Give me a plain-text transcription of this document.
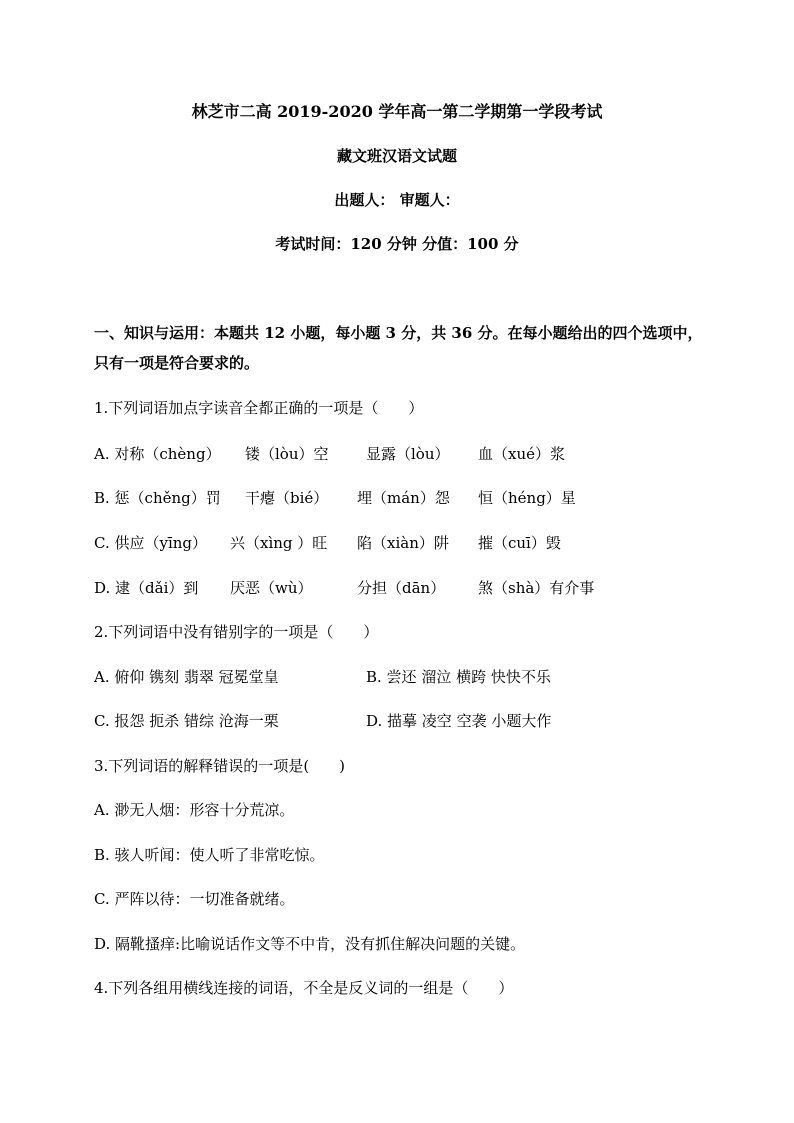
林芝市二高 2019-2020 学年高一第二学期第一学段考试
藏文班汉语文试题
出题人： 审题人：
考试时间：120 分钟 分值：100 分
一、知识与运用：本题共 12 小题，每小题 3 分，共 36 分。在每小题给出的四个选项中，
只有一项是符合要求的。
1.下列词语加点字读音全都正确的一项是（　　）
A. 对称（chèng） 镂（lòu）空	显露（lòu） 血（xué）浆
B. 惩（chěng）罚 干瘪（bié） 埋（mán）怨 恒（héng）星
C. 供应（yīng） 兴（xìng ）旺 陷（xiàn）阱 摧（cuī）毁
D. 逮（dǎi）到 厌恶（wù）	分担（dān） 煞（shà）有介事
2.下列词语中没有错别字的一项是（　　）
A. 俯仰 镌刻 翡翠 冠冕堂皇	B. 尝还 溜泣 横跨 快快不乐
C. 报怨 扼杀 错综 沧海一栗	D. 描摹 凌空 空袭 小题大作
3.下列词语的解释错误的一项是(　　)
A. 渺无人烟：形容十分荒凉。
B. 骇人听闻：使人听了非常吃惊。
C. 严阵以待：一切准备就绪。
D. 隔靴搔痒:比喻说话作文等不中肯，没有抓住解决问题的关键。
4.下列各组用横线连接的词语，不全是反义词的一组是（　　）
